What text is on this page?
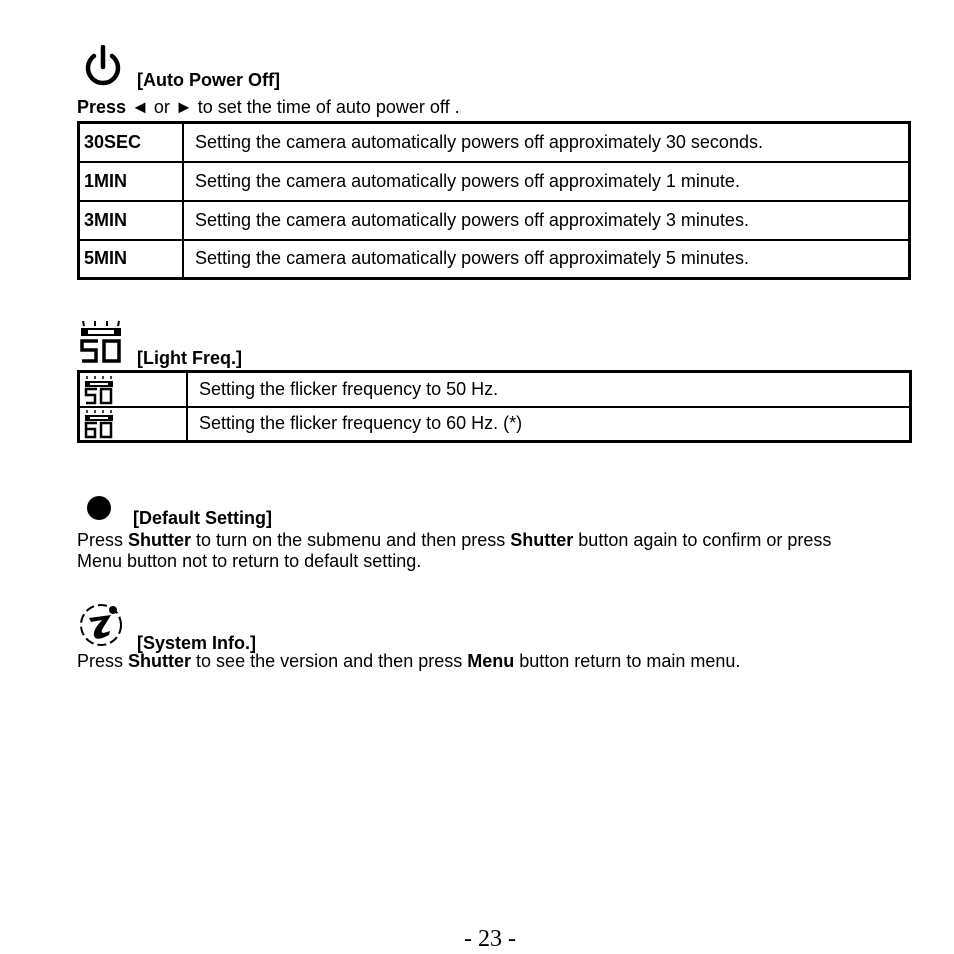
[Auto Power Off]
Press ◄ or ► to set the time of auto power off .
30SEC	Setting the camera automatically powers off approximately 30 seconds.
1MIN	Setting the camera automatically powers off approximately 1 minute.
3MIN	Setting the camera automatically powers off approximately 3 minutes.
5MIN	Setting the camera automatically powers off approximately 5 minutes.
[Light Freq.]
	Setting the flicker frequency to 50 Hz.

	Setting the flicker frequency to 60 Hz. (*)
[Default Setting]
Press Shutter to turn on the submenu and then press Shutter button again to confirm or press
Menu button not to return to default setting.
[System Info.]
Press Shutter to see the version and then press Menu button return to main menu.
- 23 -
